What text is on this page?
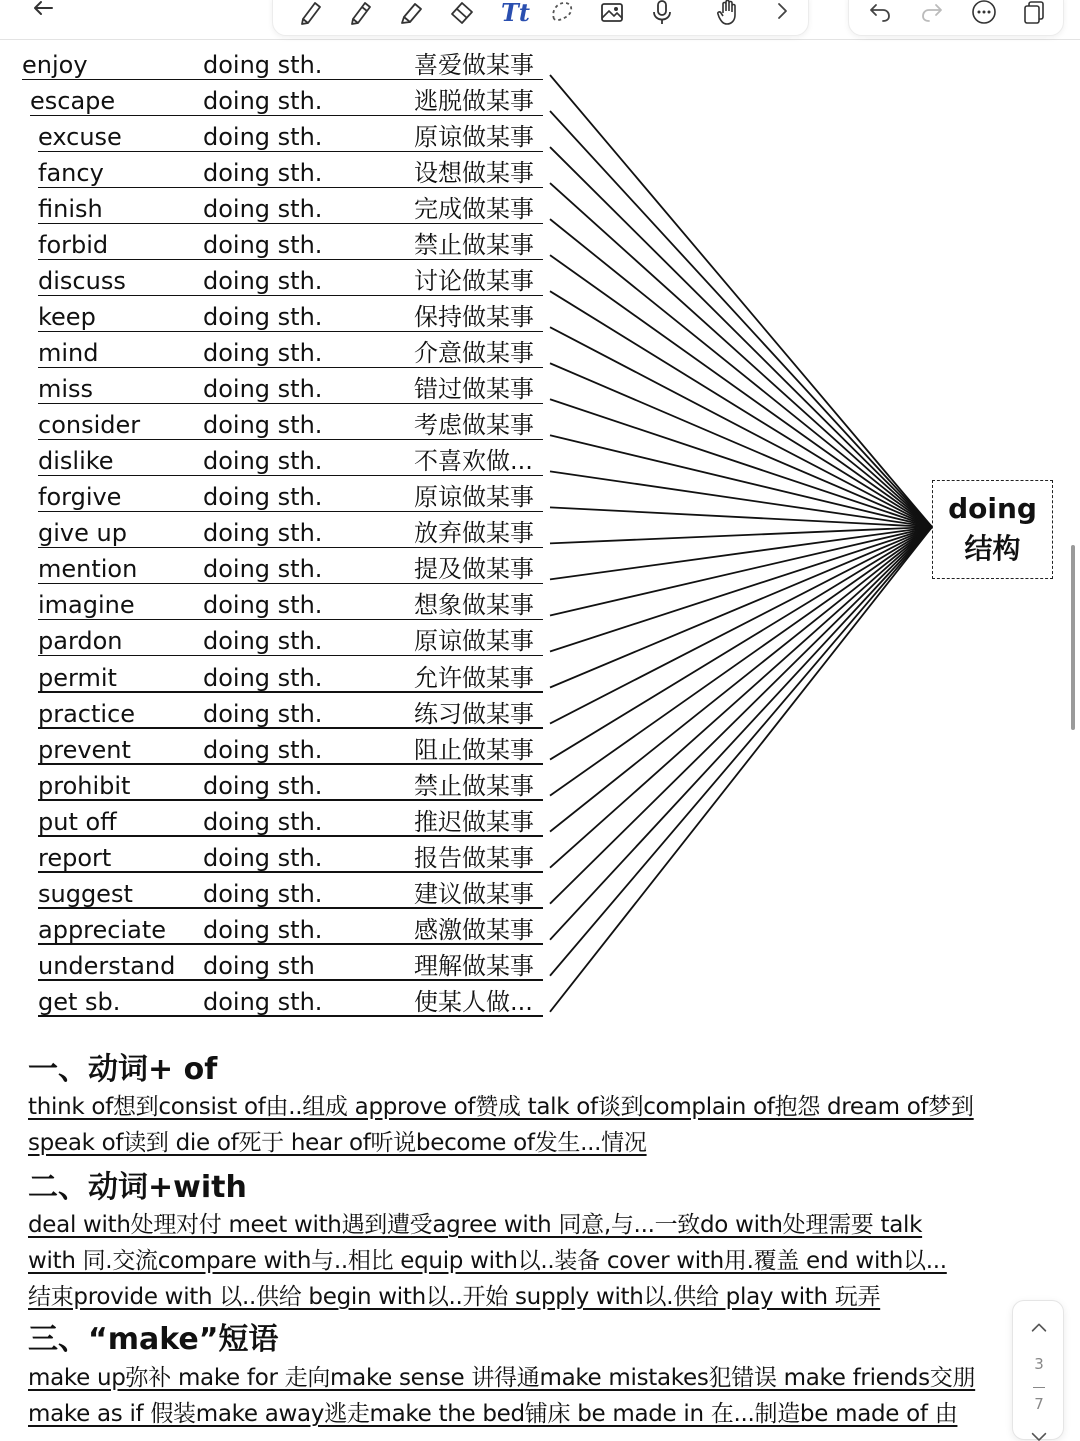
Tt
enjoy	doing sth.	喜爱做某事
escape	doing sth.	逃脱做某事
excuse	doing sth.	原谅做某事
fancy	doing sth.	设想做某事
finish	doing sth.	完成做某事
forbid	doing sth.	禁止做某事
discuss	doing sth.	讨论做某事
keep	doing sth.	保持做某事
mind	doing sth.	介意做某事
miss	doing sth.	错过做某事
consider	doing sth.	考虑做某事
dislike	doing sth.	不喜欢做...
forgive	doing sth.	原谅做某事
give up	doing sth.	放弃做某事
mention	doing sth.	提及做某事
imagine	doing sth.	想象做某事
pardon	doing sth.	原谅做某事
permit	doing sth.	允许做某事
practice	doing sth.	练习做某事
prevent	doing sth.	阻止做某事
prohibit	doing sth.	禁止做某事
put off	doing sth.	推迟做某事
report	doing sth.	报告做某事
suggest	doing sth.	建议做某事
appreciate doing sth.	感激做某事
understand doing sth	理解做某事
get sb.	doing sth.	使某人做...
doing
结构
一、动词+ of
think of想到consist of由..组成 approve of赞成 talk of谈到complain of抱怨 dream of梦到
speak of读到 die of死于 hear of听说become of发生...情况
二、动词+with
deal with处理对付 meet with遇到遭受agree with 同意,与...一致do with处理需要 talk
with 同.交流compare with与..相比 equip with以..装备 cover with用.覆盖 end with以...
结束provide with 以..供给 begin with以..开始 supply with以.供给 play with 玩弄
三、“make”短语
make up弥补 make for 走向make sense 讲得通make mistakes犯错误 make friends交朋
make as if 假装make away逃走make the bed铺床 be made in 在...制造be made of 由
3
7
